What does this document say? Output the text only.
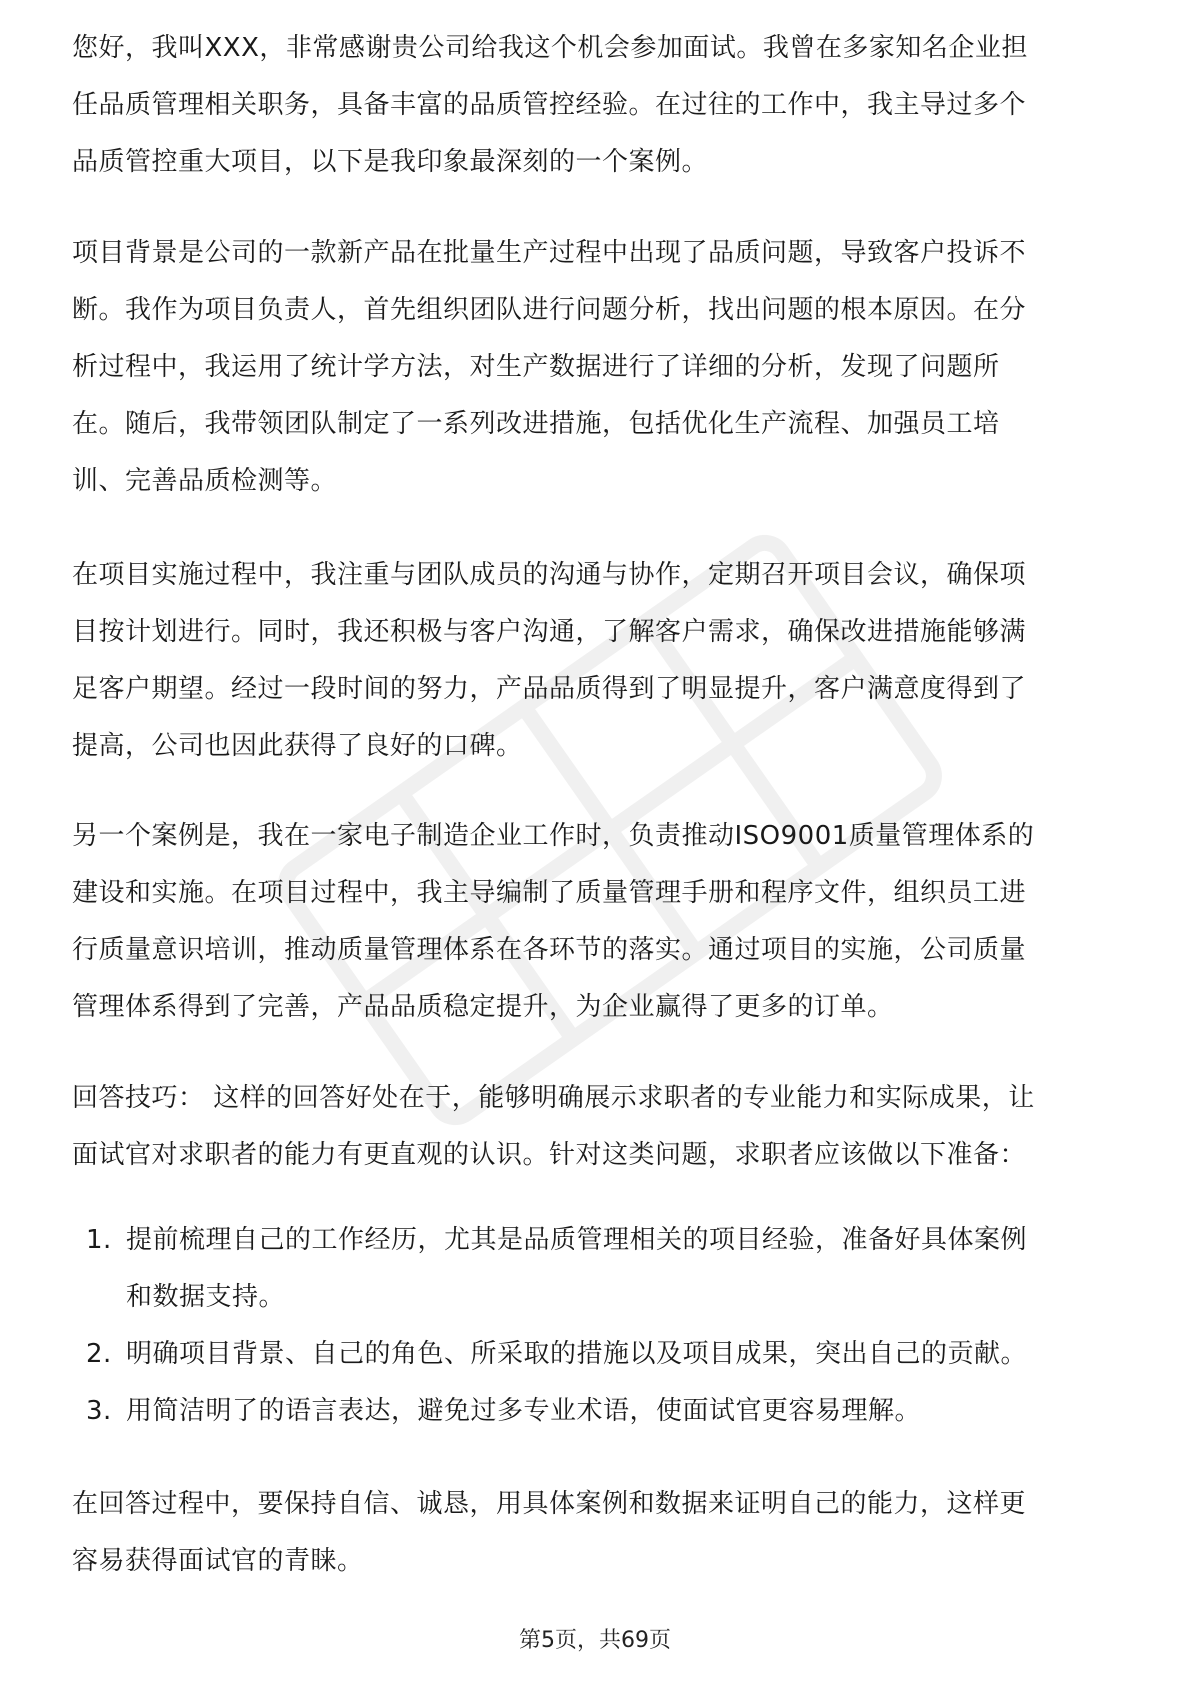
您好，我叫XXX，非常感谢贵公司给我这个机会参加面试。我曾在多家知名企业担
任品质管理相关职务，具备丰富的品质管控经验。在过往的工作中，我主导过多个
品质管控重大项目，以下是我印象最深刻的一个案例。

项目背景是公司的一款新产品在批量生产过程中出现了品质问题，导致客户投诉不
断。我作为项目负责人，首先组织团队进行问题分析，找出问题的根本原因。在分
析过程中，我运用了统计学方法，对生产数据进行了详细的分析，发现了问题所
在。随后，我带领团队制定了一系列改进措施，包括优化生产流程、加强员工培
训、完善品质检测等。

在项目实施过程中，我注重与团队成员的沟通与协作，定期召开项目会议，确保项
目按计划进行。同时，我还积极与客户沟通，了解客户需求，确保改进措施能够满
足客户期望。经过一段时间的努力，产品品质得到了明显提升，客户满意度得到了
提高，公司也因此获得了良好的口碑。

另一个案例是，我在一家电子制造企业工作时，负责推动ISO9001质量管理体系的
建设和实施。在项目过程中，我主导编制了质量管理手册和程序文件，组织员工进
行质量意识培训，推动质量管理体系在各环节的落实。通过项目的实施，公司质量
管理体系得到了完善，产品品质稳定提升，为企业赢得了更多的订单。

回答技巧： 这样的回答好处在于，能够明确展示求职者的专业能力和实际成果，让
面试官对求职者的能力有更直观的认识。针对这类问题，求职者应该做以下准备：

1. 提前梳理自己的工作经历，尤其是品质管理相关的项目经验，准备好具体案例
和数据支持。
2. 明确项目背景、自己的角色、所采取的措施以及项目成果，突出自己的贡献。
3. 用简洁明了的语言表达，避免过多专业术语，使面试官更容易理解。

在回答过程中，要保持自信、诚恳，用具体案例和数据来证明自己的能力，这样更
容易获得面试官的青睐。

第5页，共69页
